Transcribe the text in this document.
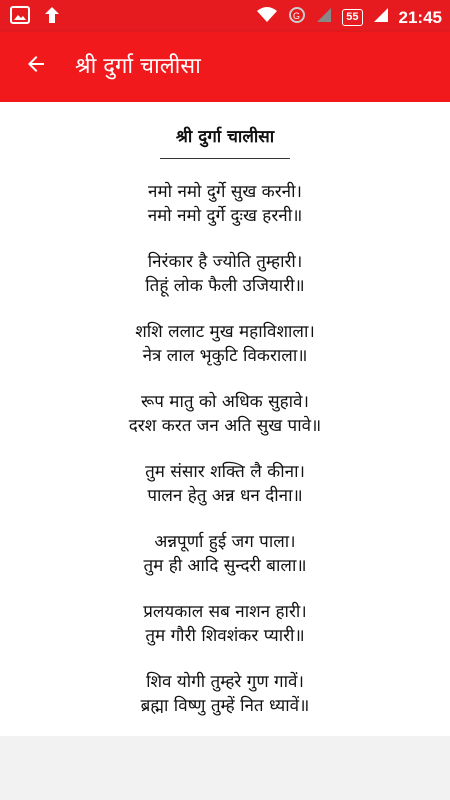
G	55 21:45
श्री दुर्गा चालीसा
श्री दुर्गा चालीसा
नमो नमो दुर्गे सुख करनी।
नमो नमो दुर्गे दुःख हरनी॥
निरंकार है ज्योति तुम्हारी।
तिहूं लोक फैली उजियारी॥
शशि ललाट मुख महाविशाला।
नेत्र लाल भृकुटि विकराला॥
रूप मातु को अधिक सुहावे।
दरश करत जन अति सुख पावे॥
तुम संसार शक्ति लै कीना।
पालन हेतु अन्न धन दीना॥
अन्नपूर्णा हुई जग पाला।
तुम ही आदि सुन्दरी बाला॥
प्रलयकाल सब नाशन हारी।
तुम गौरी शिवशंकर प्यारी॥
शिव योगी तुम्हरे गुण गावें।
ब्रह्मा विष्णु तुम्हें नित ध्यावें॥
